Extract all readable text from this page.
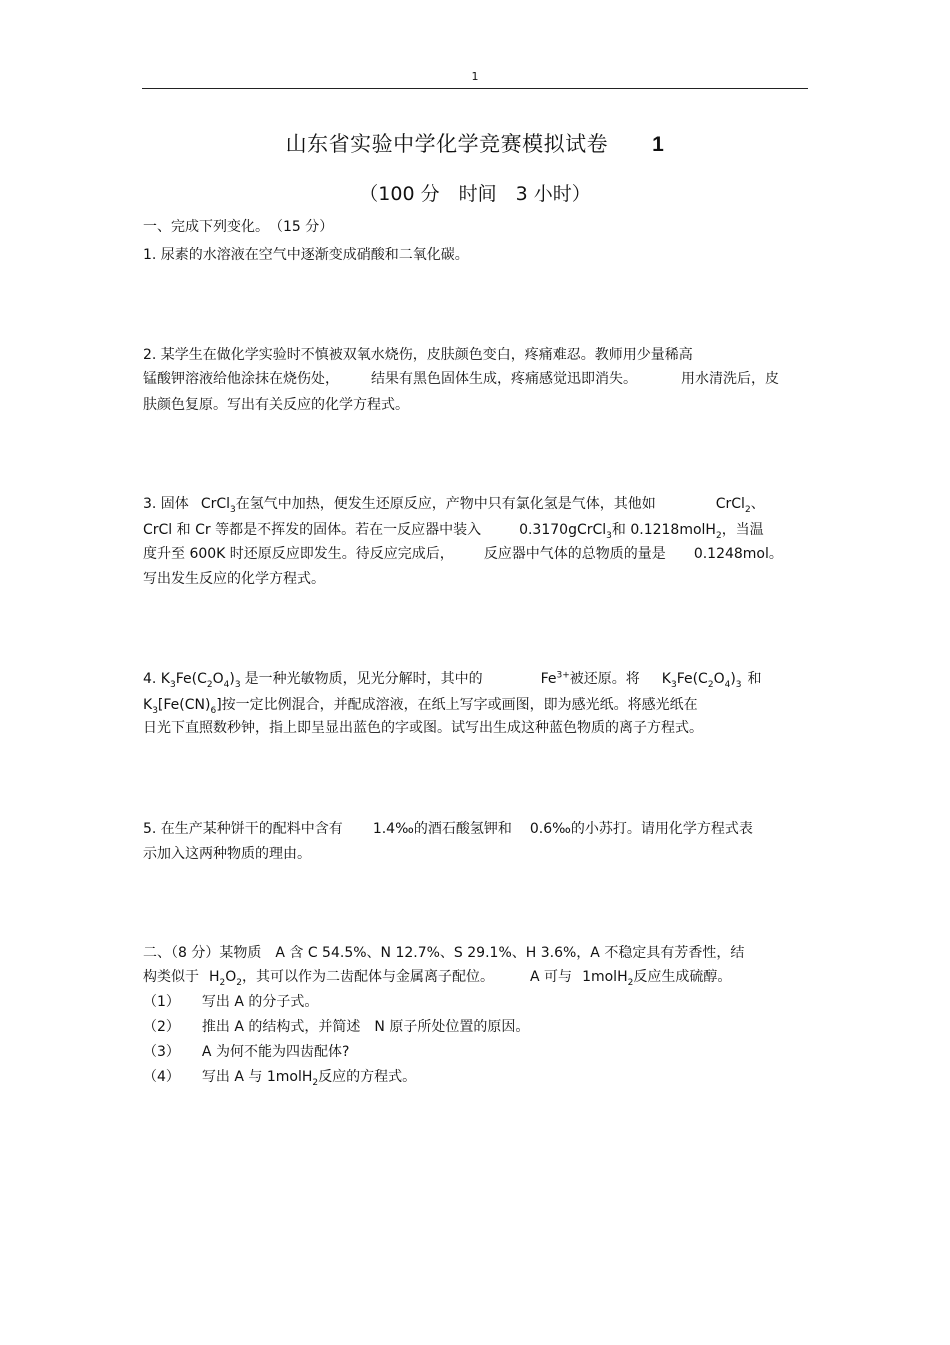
1
山东省实验中学化学竞赛模拟试卷 1
（100 分　时间　3 小时）
一、完成下列变化。　（15 分）
1. 尿素的水溶液在空气中逐渐变成硝酸和二氧化碳。
2. 某学生在做化学实验时不慎被双氧水烧伤，皮肤颜色变白，疼痛难忍。教师用少量稀高
锰酸钾溶液给他涂抹在烧伤处， 结果有黑色固体生成，疼痛感觉迅即消失。	用水清洗后，皮
肤颜色复原。写出有关反应的化学方程式。
3. 固体 CrCl$_3$在氢气中加热，便发生还原反应，产物中只有氯化氢是气体，其他如	CrCl$_2$、
CrCl 和 Cr 等都是不挥发的固体。若在一反应器中装入	0.3170gCrCl$_3$和 0.1218molH$_2$，当温
度升至 600K 时还原反应即发生。待反应完成后， 反应器中气体的总物质的量是 0.1248mol。
写出发生反应的化学方程式。
4. $K_3Fe(C_2O_4)_3$ 是一种光敏物质，见光分解时，其中的	$Fe^{3+}$被还原。将 $K_3Fe(C_2O_4)_3$ 和
$K_3[Fe(CN)_6]$按一定比例混合，并配成溶液，在纸上写字或画图，即为感光纸。将感光纸在
日光下直照数秒钟，指上即呈显出蓝色的字或图。试写出生成这种蓝色物质的离子方程式。
5. 在生产某种饼干的配料中含有 1.4‰的酒石酸氢钾和 0.6‰的小苏打。请用化学方程式表
示加入这两种物质的理由。
二、（8 分）某物质 A 含 C 54.5%、N 12.7%、S 29.1%、H 3.6%，A 不稳定具有芳香性，结
构类似于 $H_2O_2$，其可以作为二齿配体与金属离子配位。	A 可与 1molH$_2$反应生成硫醇。
（1） 写出 A 的分子式。
（2） 推出 A 的结构式，并简述　N 原子所处位置的原因。
（3） A 为何不能为四齿配体?
（4） 写出 A 与 1molH$_2$反应的方程式。
